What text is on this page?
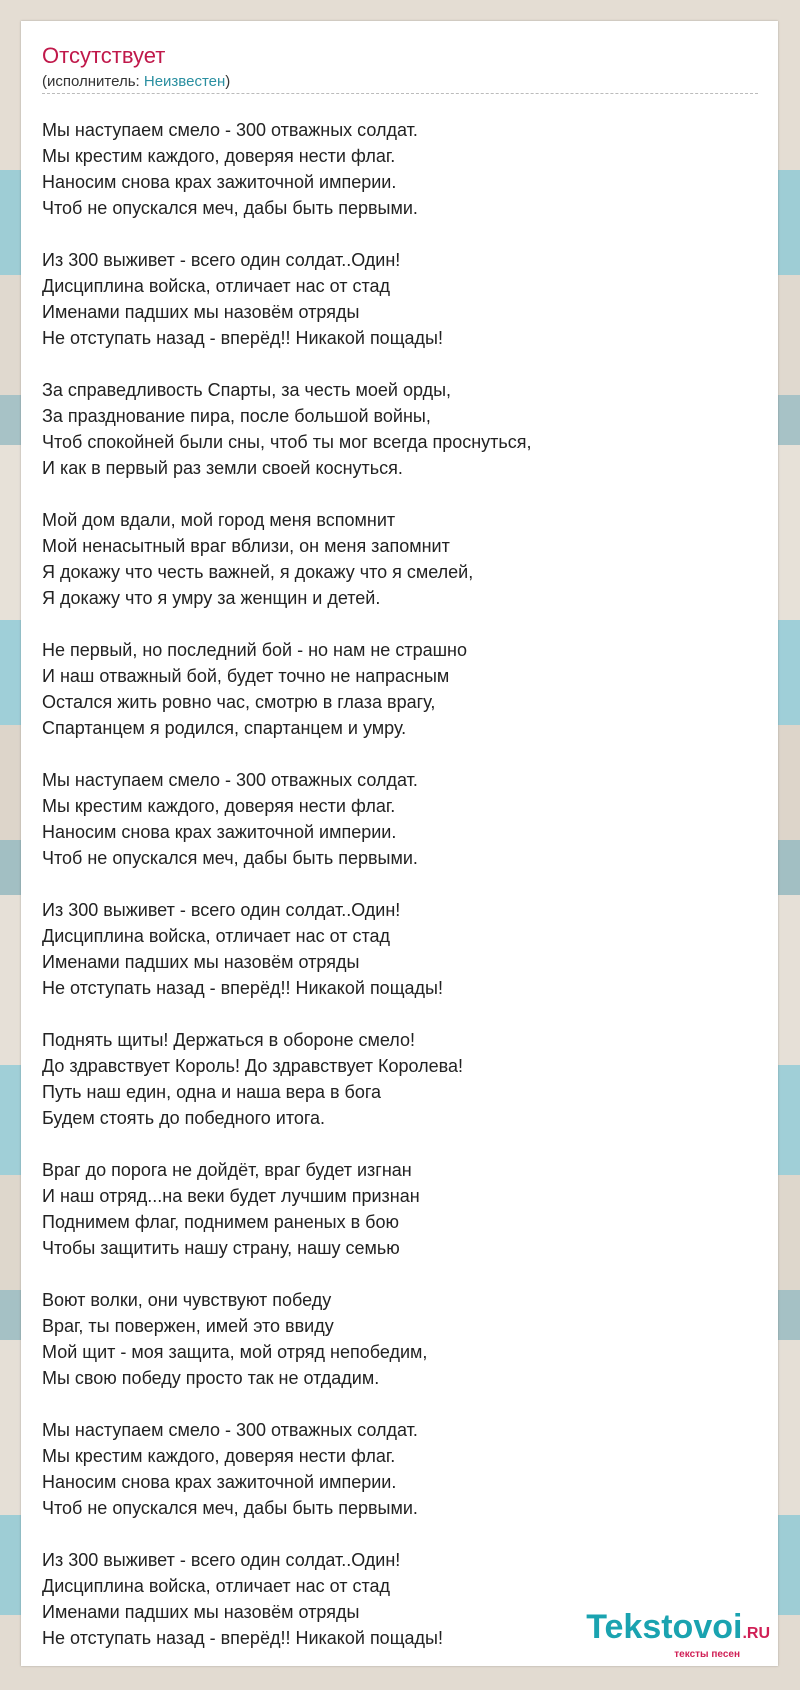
Отсутствует
(исполнитель: Неизвестен)
Мы наступаем смело - 300 отважных солдат.
Мы крестим каждого, доверяя нести флаг.
Наносим снова крах зажиточной империи.
Чтоб не опускался меч, дабы быть первыми.
Из 300 выживет - всего один солдат..Один!
Дисциплина войска, отличает нас от стад
Именами падших мы назовём отряды
Не отступать назад - вперёд!! Никакой пощады!
За справедливость Спарты, за честь моей орды,
За празднование пира, после большой войны,
Чтоб спокойней были сны, чтоб ты мог всегда проснуться,
И как в первый раз земли своей коснуться.
Мой дом вдали, мой город меня вспомнит
Мой ненасытный враг вблизи, он меня запомнит
Я докажу что честь важней, я докажу что я смелей,
Я докажу что я умру за женщин и детей.
Не первый, но последний бой - но нам не страшно
И наш отважный бой, будет точно не напрасным
Остался жить ровно час, смотрю в глаза врагу,
Спартанцем я родился, спартанцем и умру.
Мы наступаем смело - 300 отважных солдат.
Мы крестим каждого, доверяя нести флаг.
Наносим снова крах зажиточной империи.
Чтоб не опускался меч, дабы быть первыми.
Из 300 выживет - всего один солдат..Один!
Дисциплина войска, отличает нас от стад
Именами падших мы назовём отряды
Не отступать назад - вперёд!! Никакой пощады!
Поднять щиты! Держаться в обороне смело!
До здравствует Король! До здравствует Королева!
Путь наш един, одна и наша вера в бога
Будем стоять до победного итога.
Враг до порога не дойдёт, враг будет изгнан
И наш отряд...на веки будет лучшим признан
Поднимем флаг, поднимем раненых в бою
Чтобы защитить нашу страну, нашу семью
Воют волки, они чувствуют победу
Враг, ты повержен, имей это ввиду
Мой щит - моя защита, мой отряд непобедим,
Мы свою победу просто так не отдадим.
Мы наступаем смело - 300 отважных солдат.
Мы крестим каждого, доверяя нести флаг.
Наносим снова крах зажиточной империи.
Чтоб не опускался меч, дабы быть первыми.
Из 300 выживет - всего один солдат..Один!
Дисциплина войска, отличает нас от стад
Именами падших мы назовём отряды
Не отступать назад - вперёд!! Никакой пощады!	Tekstovoi.RU
тексты песен
